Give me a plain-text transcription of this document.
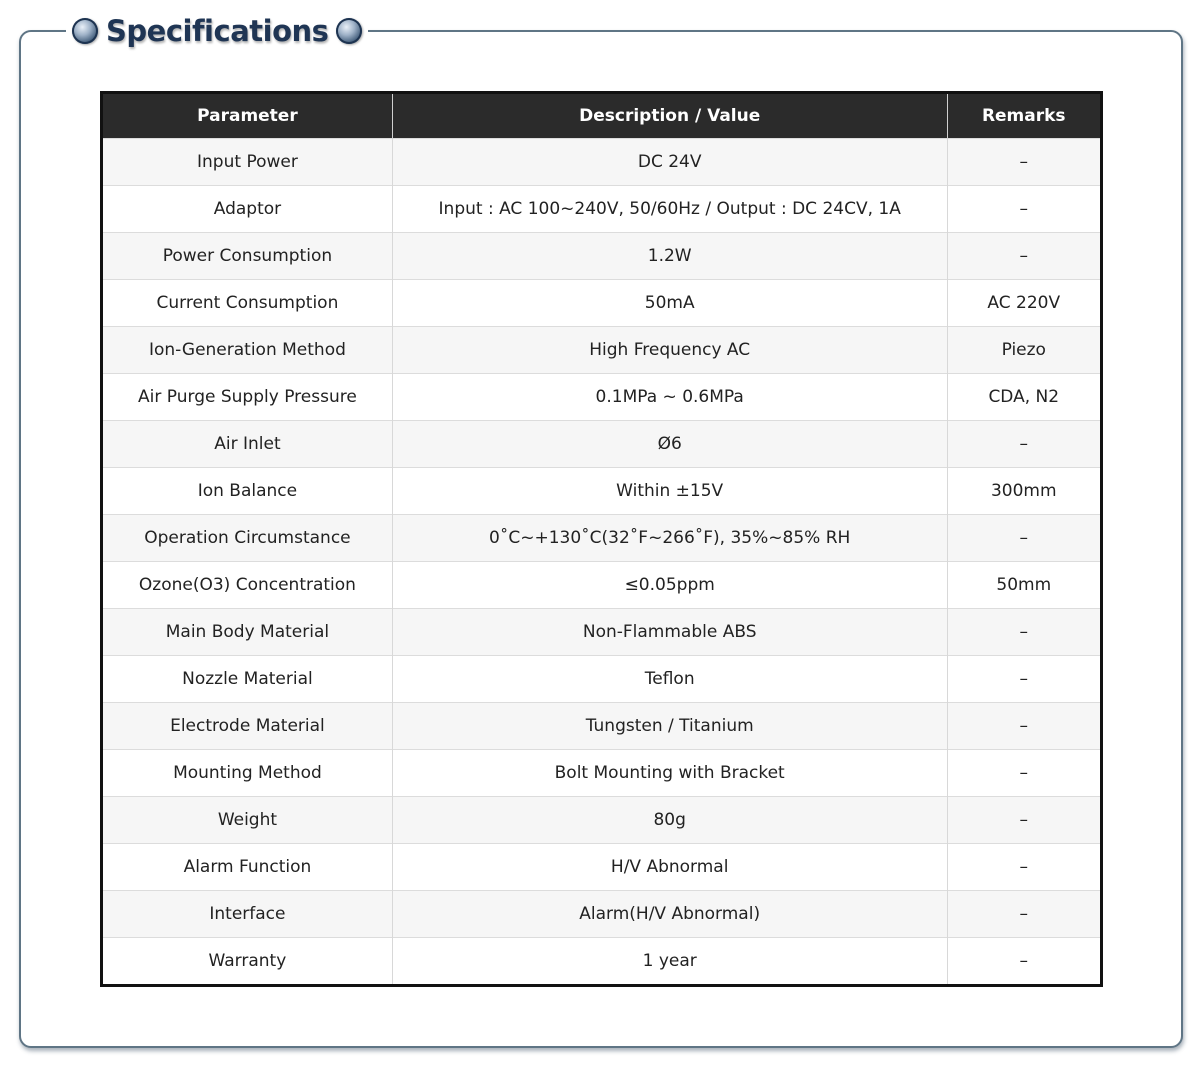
Specifications
Parameter	Description / Value	Remarks
Input Power	DC 24V	–
Adaptor	Input : AC 100~240V, 50/60Hz / Output : DC 24CV, 1A	–
Power Consumption	1.2W	–
Current Consumption	50mA	AC 220V
Ion-Generation Method	High Frequency AC	Piezo
Air Purge Supply Pressure	0.1MPa ~ 0.6MPa	CDA, N2
Air Inlet	Ø6	–
Ion Balance	Within ±15V	300mm
Operation Circumstance	0˚C~+130˚C(32˚F~266˚F), 35%~85% RH	–
Ozone(O3) Concentration	≤0.05ppm	50mm
Main Body Material	Non-Flammable ABS	–
Nozzle Material	Teflon	–
Electrode Material	Tungsten / Titanium	–
Mounting Method	Bolt Mounting with Bracket	–
Weight	80g	–
Alarm Function	H/V Abnormal	–
Interface	Alarm(H/V Abnormal)	–
Warranty	1 year	–
